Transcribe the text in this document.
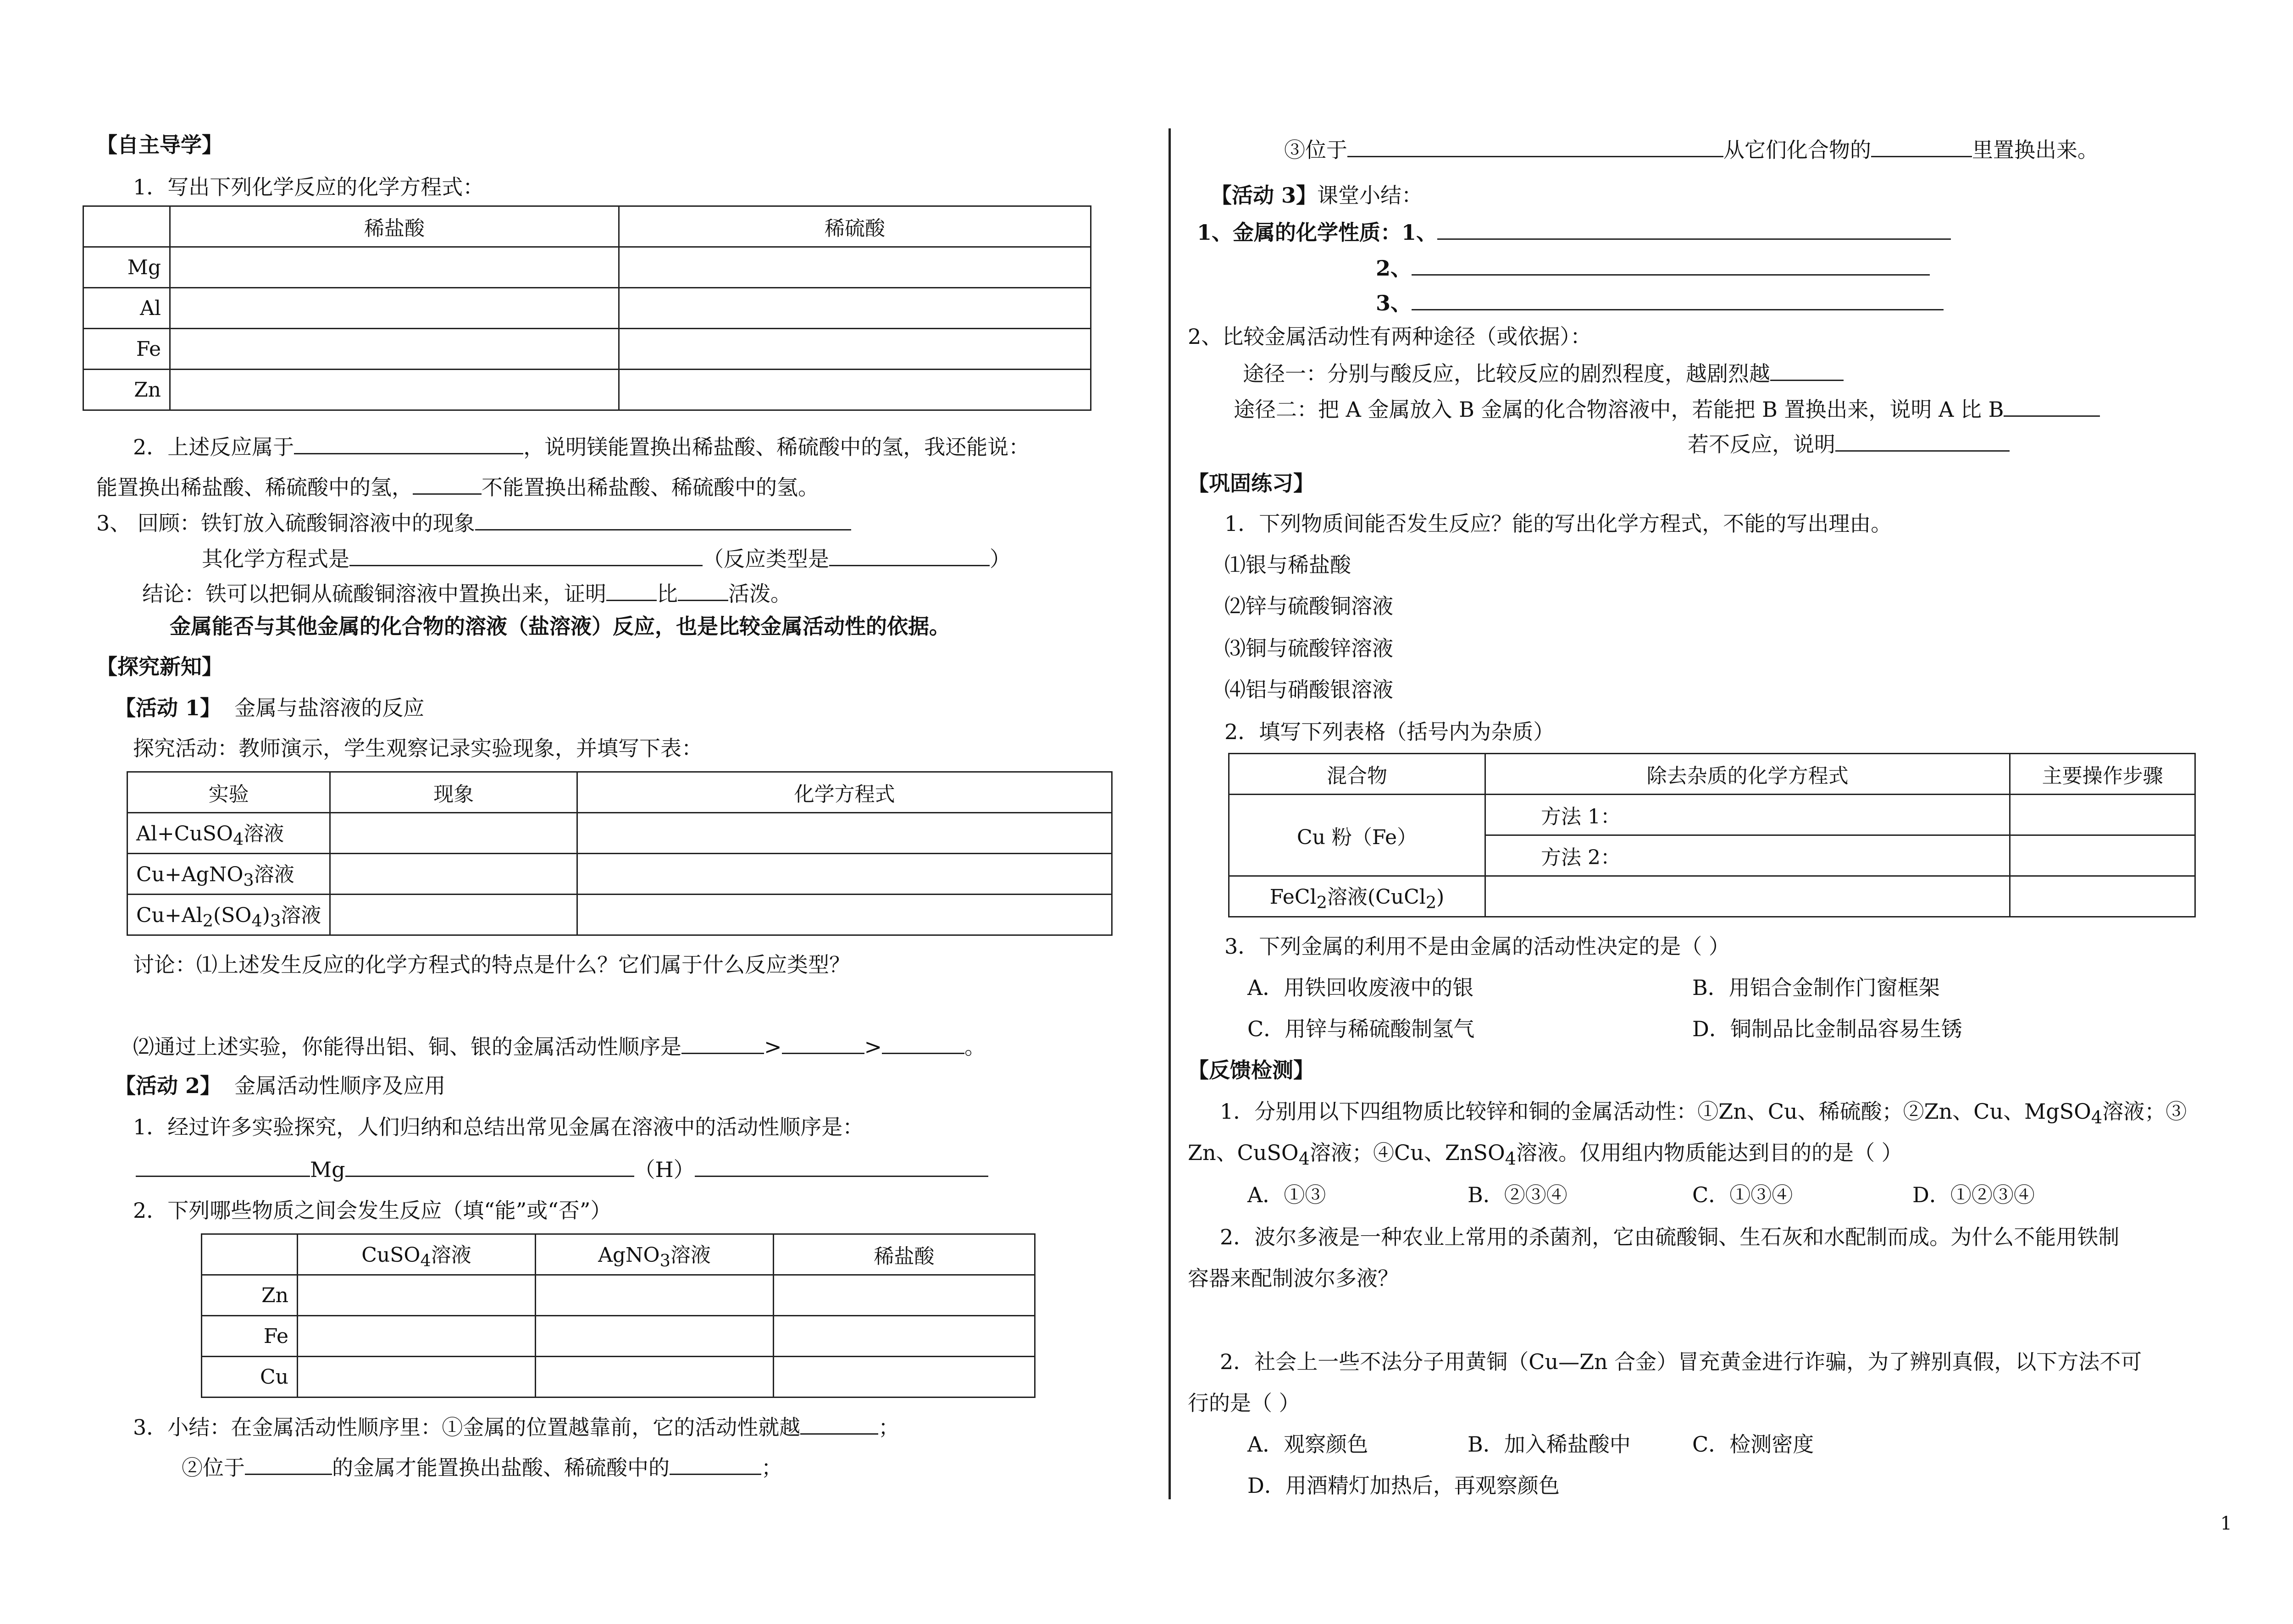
【自主导学】
1．写出下列化学反应的化学方程式：
	稀盐酸	稀硫酸
Mg		
Al		
Fe		
Zn		
2．上述反应属于	，说明镁能置换出稀盐酸、稀硫酸中的氢，我还能说：
能置换出稀盐酸、稀硫酸中的氢，	不能置换出稀盐酸、稀硫酸中的氢。
3、 回顾：铁钉放入硫酸铜溶液中的现象
其化学方程式是	（反应类型是	）
结论：铁可以把铜从硫酸铜溶液中置换出来，证明 比 活泼。
金属能否与其他金属的化合物的溶液（盐溶液）反应，也是比较金属活动性的依据。
【探究新知】
【活动 1】 金属与盐溶液的反应
探究活动：教师演示，学生观察记录实验现象，并填写下表：
实验	现象	化学方程式
Al+CuSO$_4$溶液		
Cu+AgNO$_3$溶液		
$Cu+Al_2(SO_4)_3$溶液		
讨论：⑴上述发生反应的化学方程式的特点是什么？它们属于什么反应类型？
⑵通过上述实验，你能得出铝、铜、银的金属活动性顺序是	>	>	。
【活动 2】 金属活动性顺序及应用
1．经过许多实验探究，人们归纳和总结出常见金属在溶液中的活动性顺序是：
Mg	（H）
2．下列哪些物质之间会发生反应（填“能”或“否”）
	CuSO$_4$溶液	AgNO$_3$溶液	稀盐酸
Zn			
Fe			
Cu			
3．小结：在金属活动性顺序里：①金属的位置越靠前，它的活动性就越	；
②位于	的金属才能置换出盐酸、稀硫酸中的	；
③位于	从它们化合物的	里置换出来。
【活动 3】课堂小结：
1、金属的化学性质：1、
2、
3、
2、比较金属活动性有两种途径（或依据）：
途径一：分别与酸反应，比较反应的剧烈程度，越剧烈越
途径二：把 A 金属放入 B 金属的化合物溶液中，若能把 B 置换出来，说明 A 比 B
若不反应，说明
【巩固练习】
1．下列物质间能否发生反应？能的写出化学方程式，不能的写出理由。
⑴银与稀盐酸
⑵锌与硫酸铜溶液
⑶铜与硫酸锌溶液
⑷铝与硝酸银溶液
2．填写下列表格（括号内为杂质）
混合物	除去杂质的化学方程式	主要操作步骤
Cu 粉（Fe）	方法 1：	
	方法 2：	
FeCl$_2$溶液(CuCl$_2$)		
3．下列金属的利用不是由金属的活动性决定的是（ ）
A．用铁回收废液中的银	B．用铝合金制作门窗框架
C．用锌与稀硫酸制氢气	D．铜制品比金制品容易生锈
【反馈检测】
1．分别用以下四组物质比较锌和铜的金属活动性：①Zn、Cu、稀硫酸；②Zn、Cu、MgSO$_4$溶液；③
Zn、CuSO$_4$溶液；④Cu、ZnSO$_4$溶液。仅用组内物质能达到目的的是（ ）
A．①③	B．②③④	C．①③④	D．①②③④
2．波尔多液是一种农业上常用的杀菌剂，它由硫酸铜、生石灰和水配制而成。为什么不能用铁制
容器来配制波尔多液？
2．社会上一些不法分子用黄铜（Cu—Zn 合金）冒充黄金进行诈骗，为了辨别真假，以下方法不可
行的是（ ）
A．观察颜色	B．加入稀盐酸中	C．检测密度
D．用酒精灯加热后，再观察颜色
1
